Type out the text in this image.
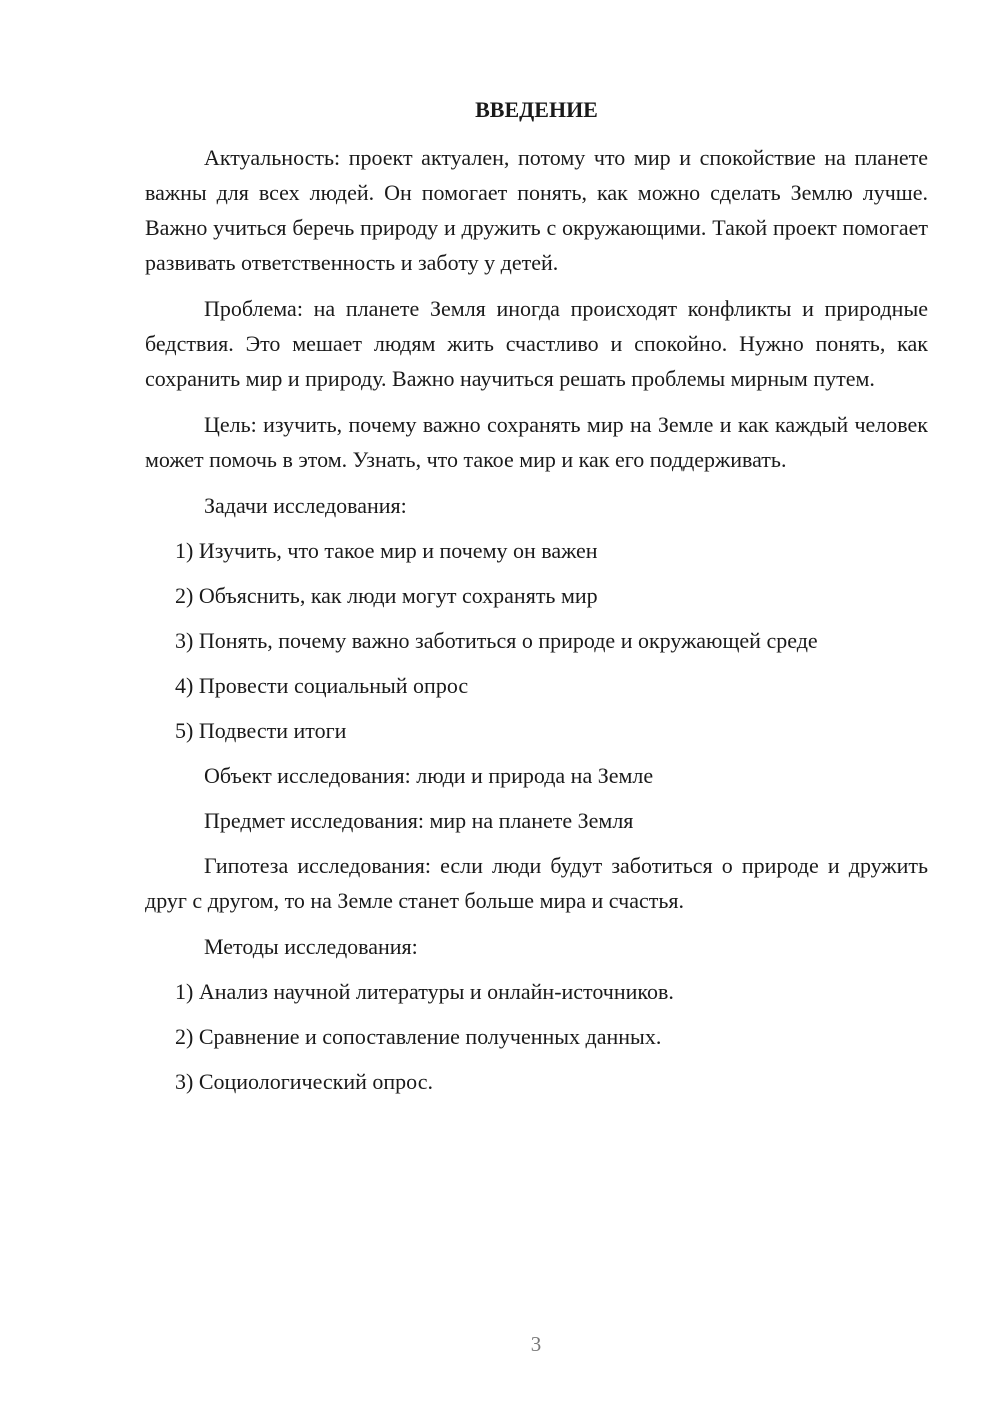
ВВЕДЕНИЕ

Актуальность: проект актуален, потому что мир и спокойствие на планете важны для всех людей. Он помогает понять, как можно сделать Землю лучше. Важно учиться беречь природу и дружить с окружающими. Такой проект помогает развивать ответственность и заботу у детей.

Проблема: на планете Земля иногда происходят конфликты и природные бедствия. Это мешает людям жить счастливо и спокойно. Нужно понять, как сохранить мир и природу. Важно научиться решать проблемы мирным путем.

Цель: изучить, почему важно сохранять мир на Земле и как каждый человек может помочь в этом. Узнать, что такое мир и как его поддерживать.

Задачи исследования:
1) Изучить, что такое мир и почему он важен
2) Объяснить, как люди могут сохранять мир
3) Понять, почему важно заботиться о природе и окружающей среде
4) Провести социальный опрос
5) Подвести итоги
Объект исследования: люди и природа на Земле
Предмет исследования: мир на планете Земля

Гипотеза исследования: если люди будут заботиться о природе и дружить друг с другом, то на Земле станет больше мира и счастья.

Методы исследования:
1) Анализ научной литературы и онлайн-источников.
2) Сравнение и сопоставление полученных данных.
3) Социологический опрос.
3
